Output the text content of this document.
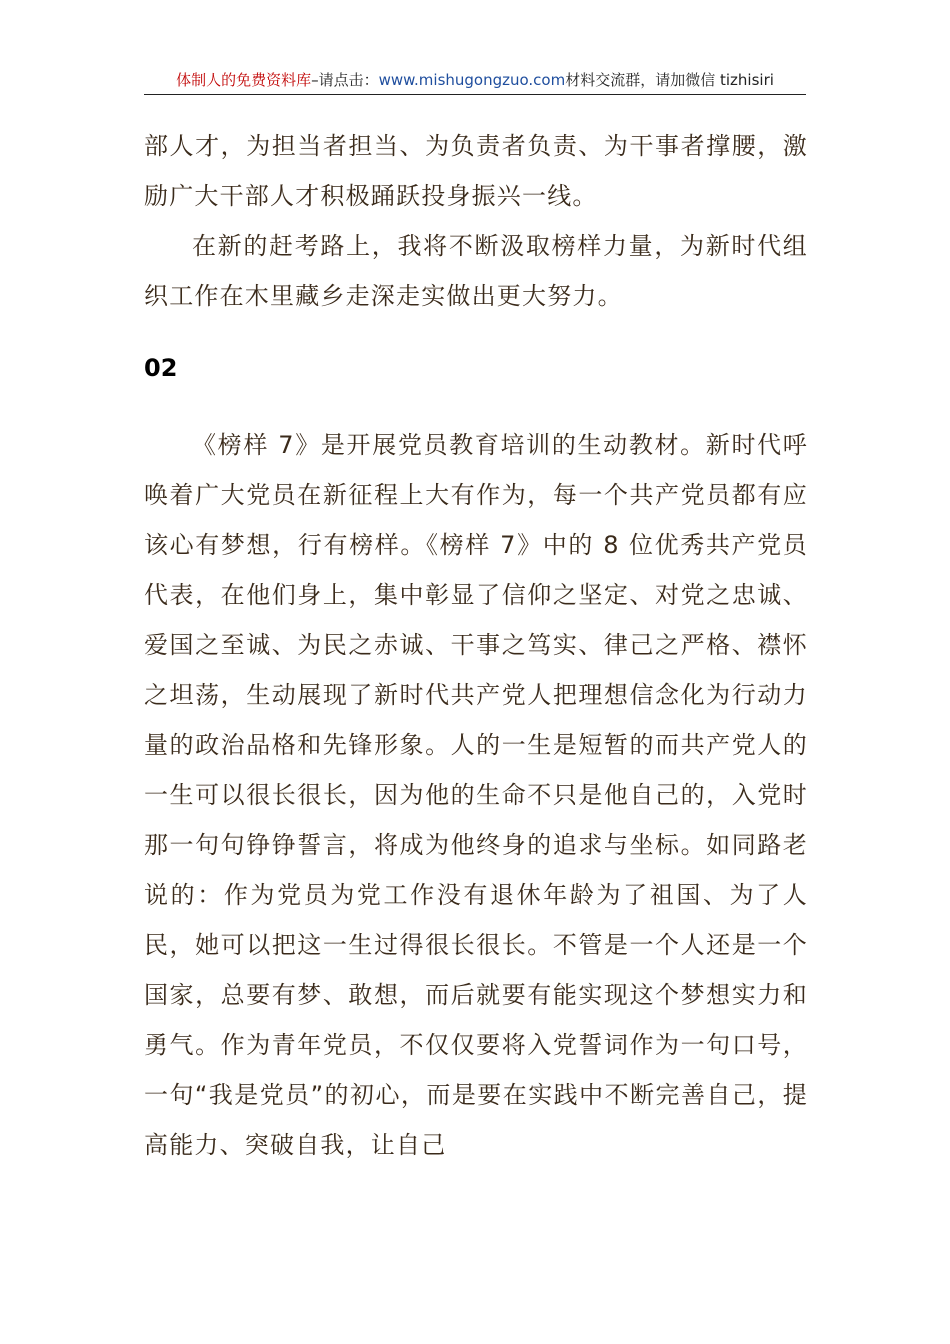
体制人的免费资料库–请点击：www.mishugongzuo.com材料交流群，请加微信 tizhisiri

部人才，为担当者担当、为负责者负责、为干事者撑腰，激励广大干部人才积极踊跃投身振兴一线。

在新的赶考路上，我将不断汲取榜样力量，为新时代组织工作在木里藏乡走深走实做出更大努力。

02

《榜样 7》是开展党员教育培训的生动教材。新时代呼唤着广大党员在新征程上大有作为，每一个共产党员都有应该心有梦想，行有榜样。《榜样 7》中的 8 位优秀共产党员代表，在他们身上，集中彰显了信仰之坚定、对党之忠诚、爱国之至诚、为民之赤诚、干事之笃实、律己之严格、襟怀之坦荡，生动展现了新时代共产党人把理想信念化为行动力量的政治品格和先锋形象。人的一生是短暂的而共产党人的一生可以很长很长，因为他的生命不只是他自己的，入党时那一句句铮铮誓言，将成为他终身的追求与坐标。如同路老说的：作为党员为党工作没有退休年龄为了祖国、为了人民，她可以把这一生过得很长很长。不管是一个人还是一个国家，总要有梦、敢想，而后就要有能实现这个梦想实力和勇气。作为青年党员，不仅仅要将入党誓词作为一句口号，一句“我是党员”的初心，而是要在实践中不断完善自己，提高能力、突破自我，让自己
